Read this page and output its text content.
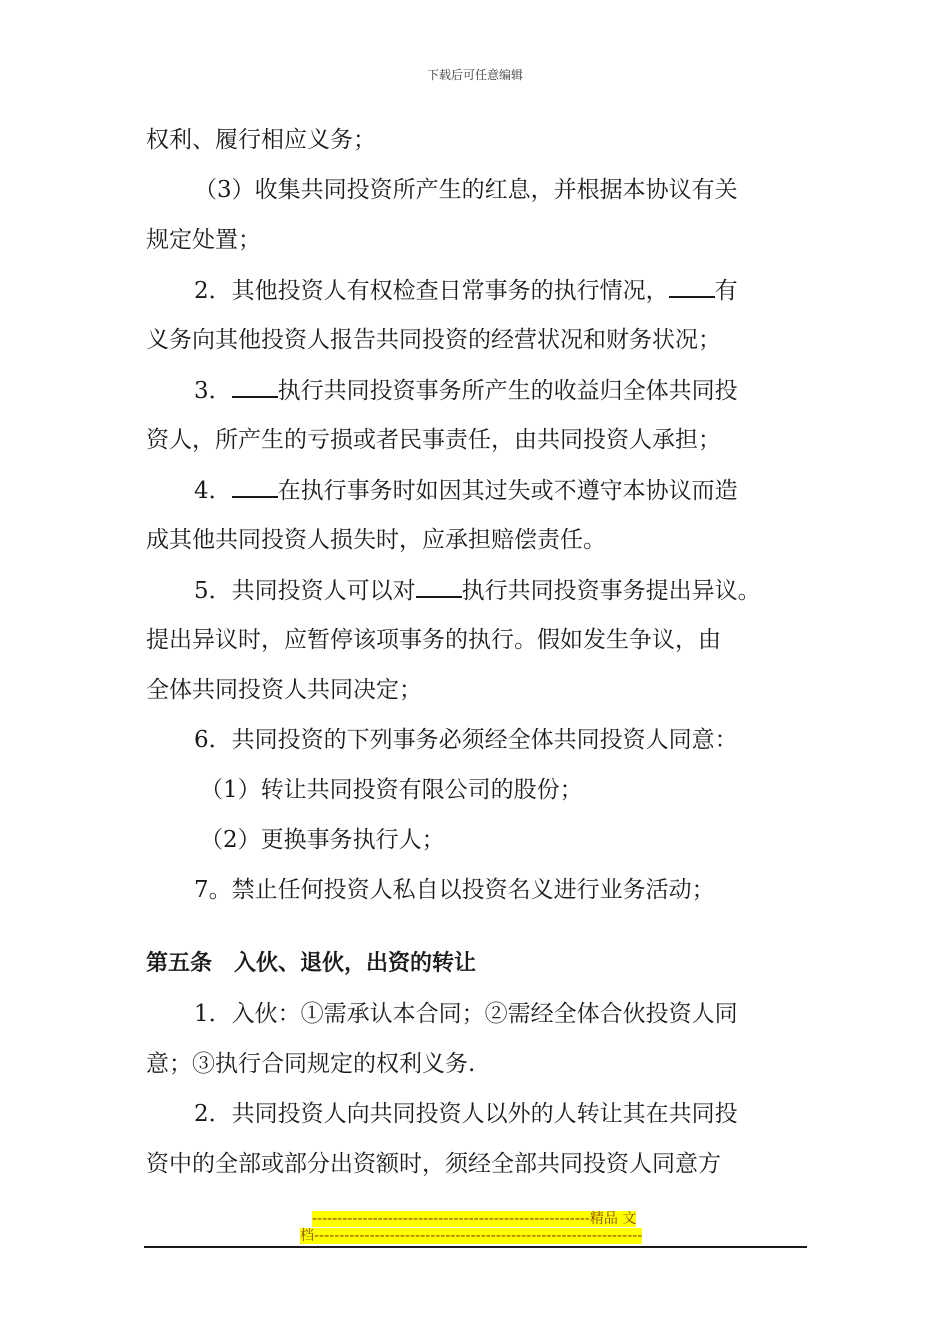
下载后可任意编辑
权利、履行相应义务；
（3）收集共同投资所产生的红息，并根据本协议有关
规定处置；
2．其他投资人有权检查日常事务的执行情况， 有
义务向其他投资人报告共同投资的经营状况和财务状况；
3． 执行共同投资事务所产生的收益归全体共同投
资人，所产生的亏损或者民事责任，由共同投资人承担；
4． 在执行事务时如因其过失或不遵守本协议而造
成其他共同投资人损失时，应承担赔偿责任。
5．共同投资人可以对 执行共同投资事务提出异议。
提出异议时，应暂停该项事务的执行。假如发生争议，由
全体共同投资人共同决定；
6．共同投资的下列事务必须经全体共同投资人同意：
（1）转让共同投资有限公司的股份；
（2）更换事务执行人；
7。禁止任何投资人私自以投资名义进行业务活动；
第五条　入伙、退伙，出资的转让
1．入伙：①需承认本合同；②需经全体合伙投资人同
意；③执行合同规定的权利义务.
2．共同投资人向共同投资人以外的人转让其在共同投
资中的全部或部分出资额时，须经全部共同投资人同意方
-------------------------------------------------------精品 文
档-----------------------------------------------------------------
